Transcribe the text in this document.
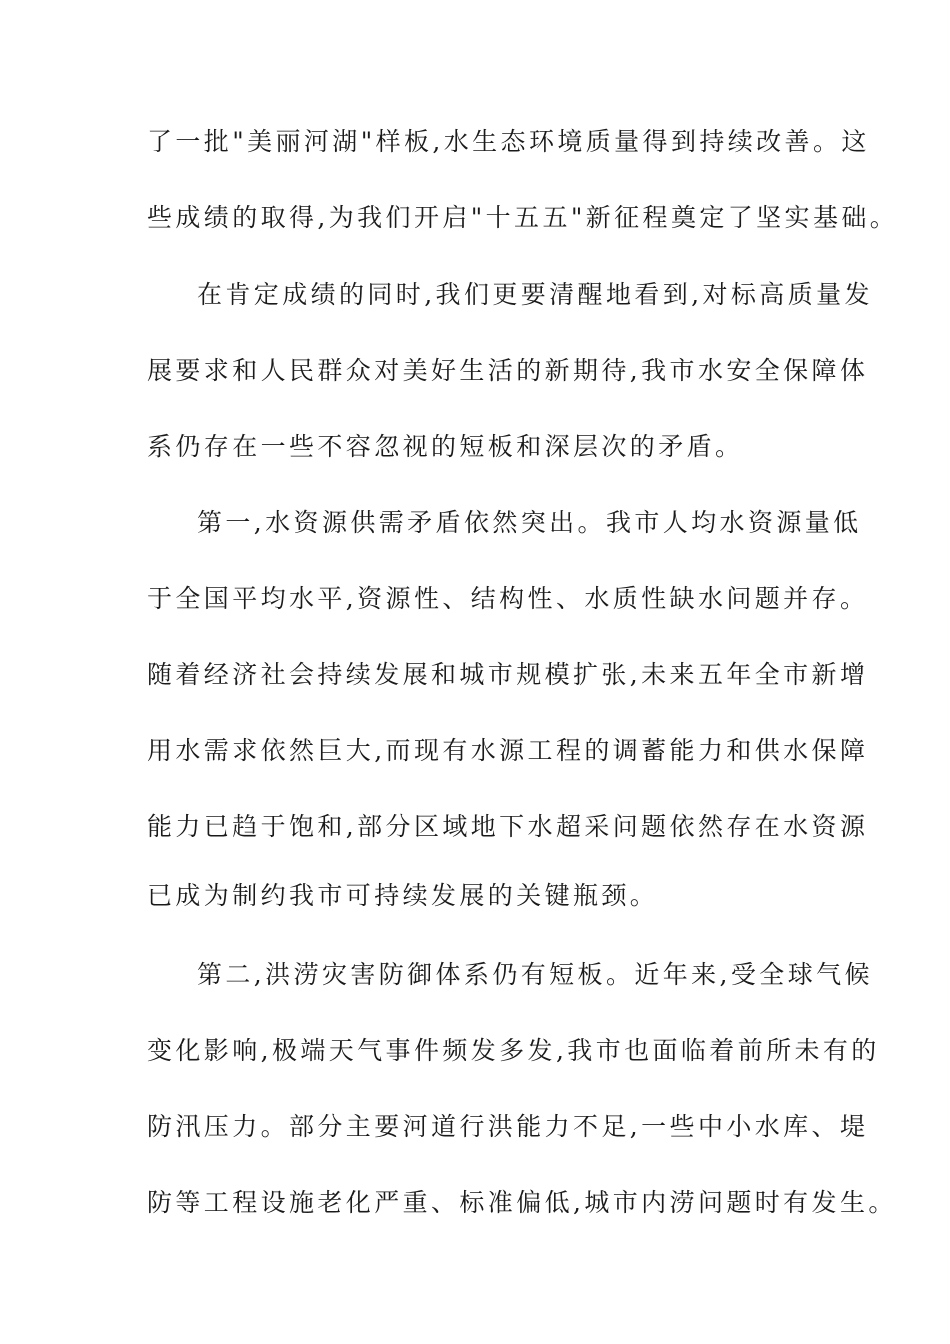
了一批"美丽河湖"样板,水生态环境质量得到持续改善。这
些成绩的取得,为我们开启"十五五"新征程奠定了坚实基础。
在肯定成绩的同时,我们更要清醒地看到,对标高质量发
展要求和人民群众对美好生活的新期待,我市水安全保障体
系仍存在一些不容忽视的短板和深层次的矛盾。
第一,水资源供需矛盾依然突出。我市人均水资源量低
于全国平均水平,资源性、结构性、水质性缺水问题并存。
随着经济社会持续发展和城市规模扩张,未来五年全市新增
用水需求依然巨大,而现有水源工程的调蓄能力和供水保障
能力已趋于饱和,部分区域地下水超采问题依然存在水资源
已成为制约我市可持续发展的关键瓶颈。
第二,洪涝灾害防御体系仍有短板。近年来,受全球气候
变化影响,极端天气事件频发多发,我市也面临着前所未有的
防汛压力。部分主要河道行洪能力不足,一些中小水库、堤
防等工程设施老化严重、标准偏低,城市内涝问题时有发生。
